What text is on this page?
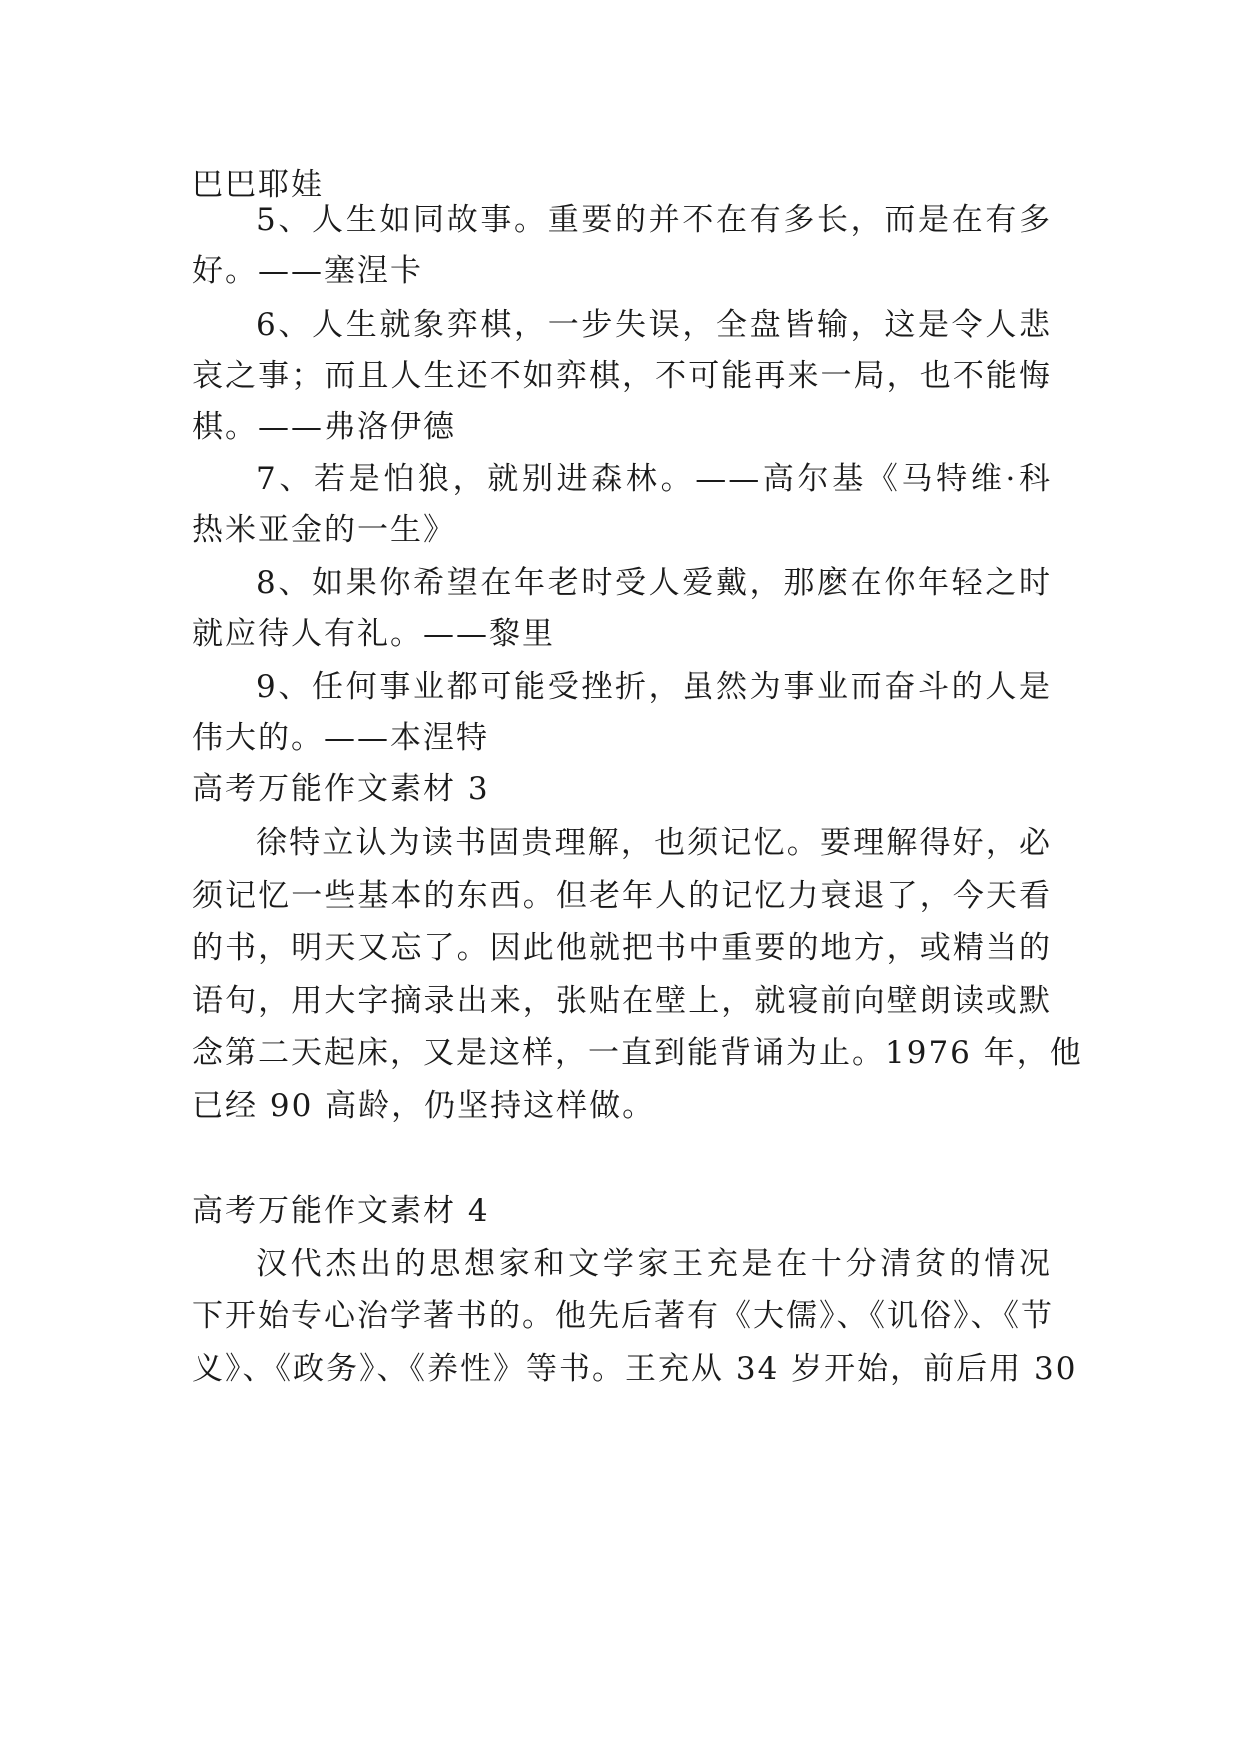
巴巴耶娃
5、人生如同故事。重要的并不在有多长，而是在有多
好。——塞涅卡
6、人生就象弈棋，一步失误，全盘皆输，这是令人悲
哀之事；而且人生还不如弈棋，不可能再来一局，也不能悔
棋。——弗洛伊德
7、若是怕狼，就别进森林。——高尔基《马特维·科
热米亚金的一生》
8、如果你希望在年老时受人爱戴，那麽在你年轻之时
就应待人有礼。——黎里
9、任何事业都可能受挫折，虽然为事业而奋斗的人是
伟大的。——本涅特
高考万能作文素材 3
徐特立认为读书固贵理解，也须记忆。要理解得好，必
须记忆一些基本的东西。但老年人的记忆力衰退了，今天看
的书，明天又忘了。因此他就把书中重要的地方，或精当的
语句，用大字摘录出来，张贴在壁上，就寝前向壁朗读或默
念第二天起床，又是这样，一直到能背诵为止。1976 年，他
已经 90 高龄，仍坚持这样做。
高考万能作文素材 4
汉代杰出的思想家和文学家王充是在十分清贫的情况
下开始专心治学著书的。他先后著有《大儒》、《讥俗》、《节
义》、《政务》、《养性》等书。王充从 34 岁开始，前后用 30
